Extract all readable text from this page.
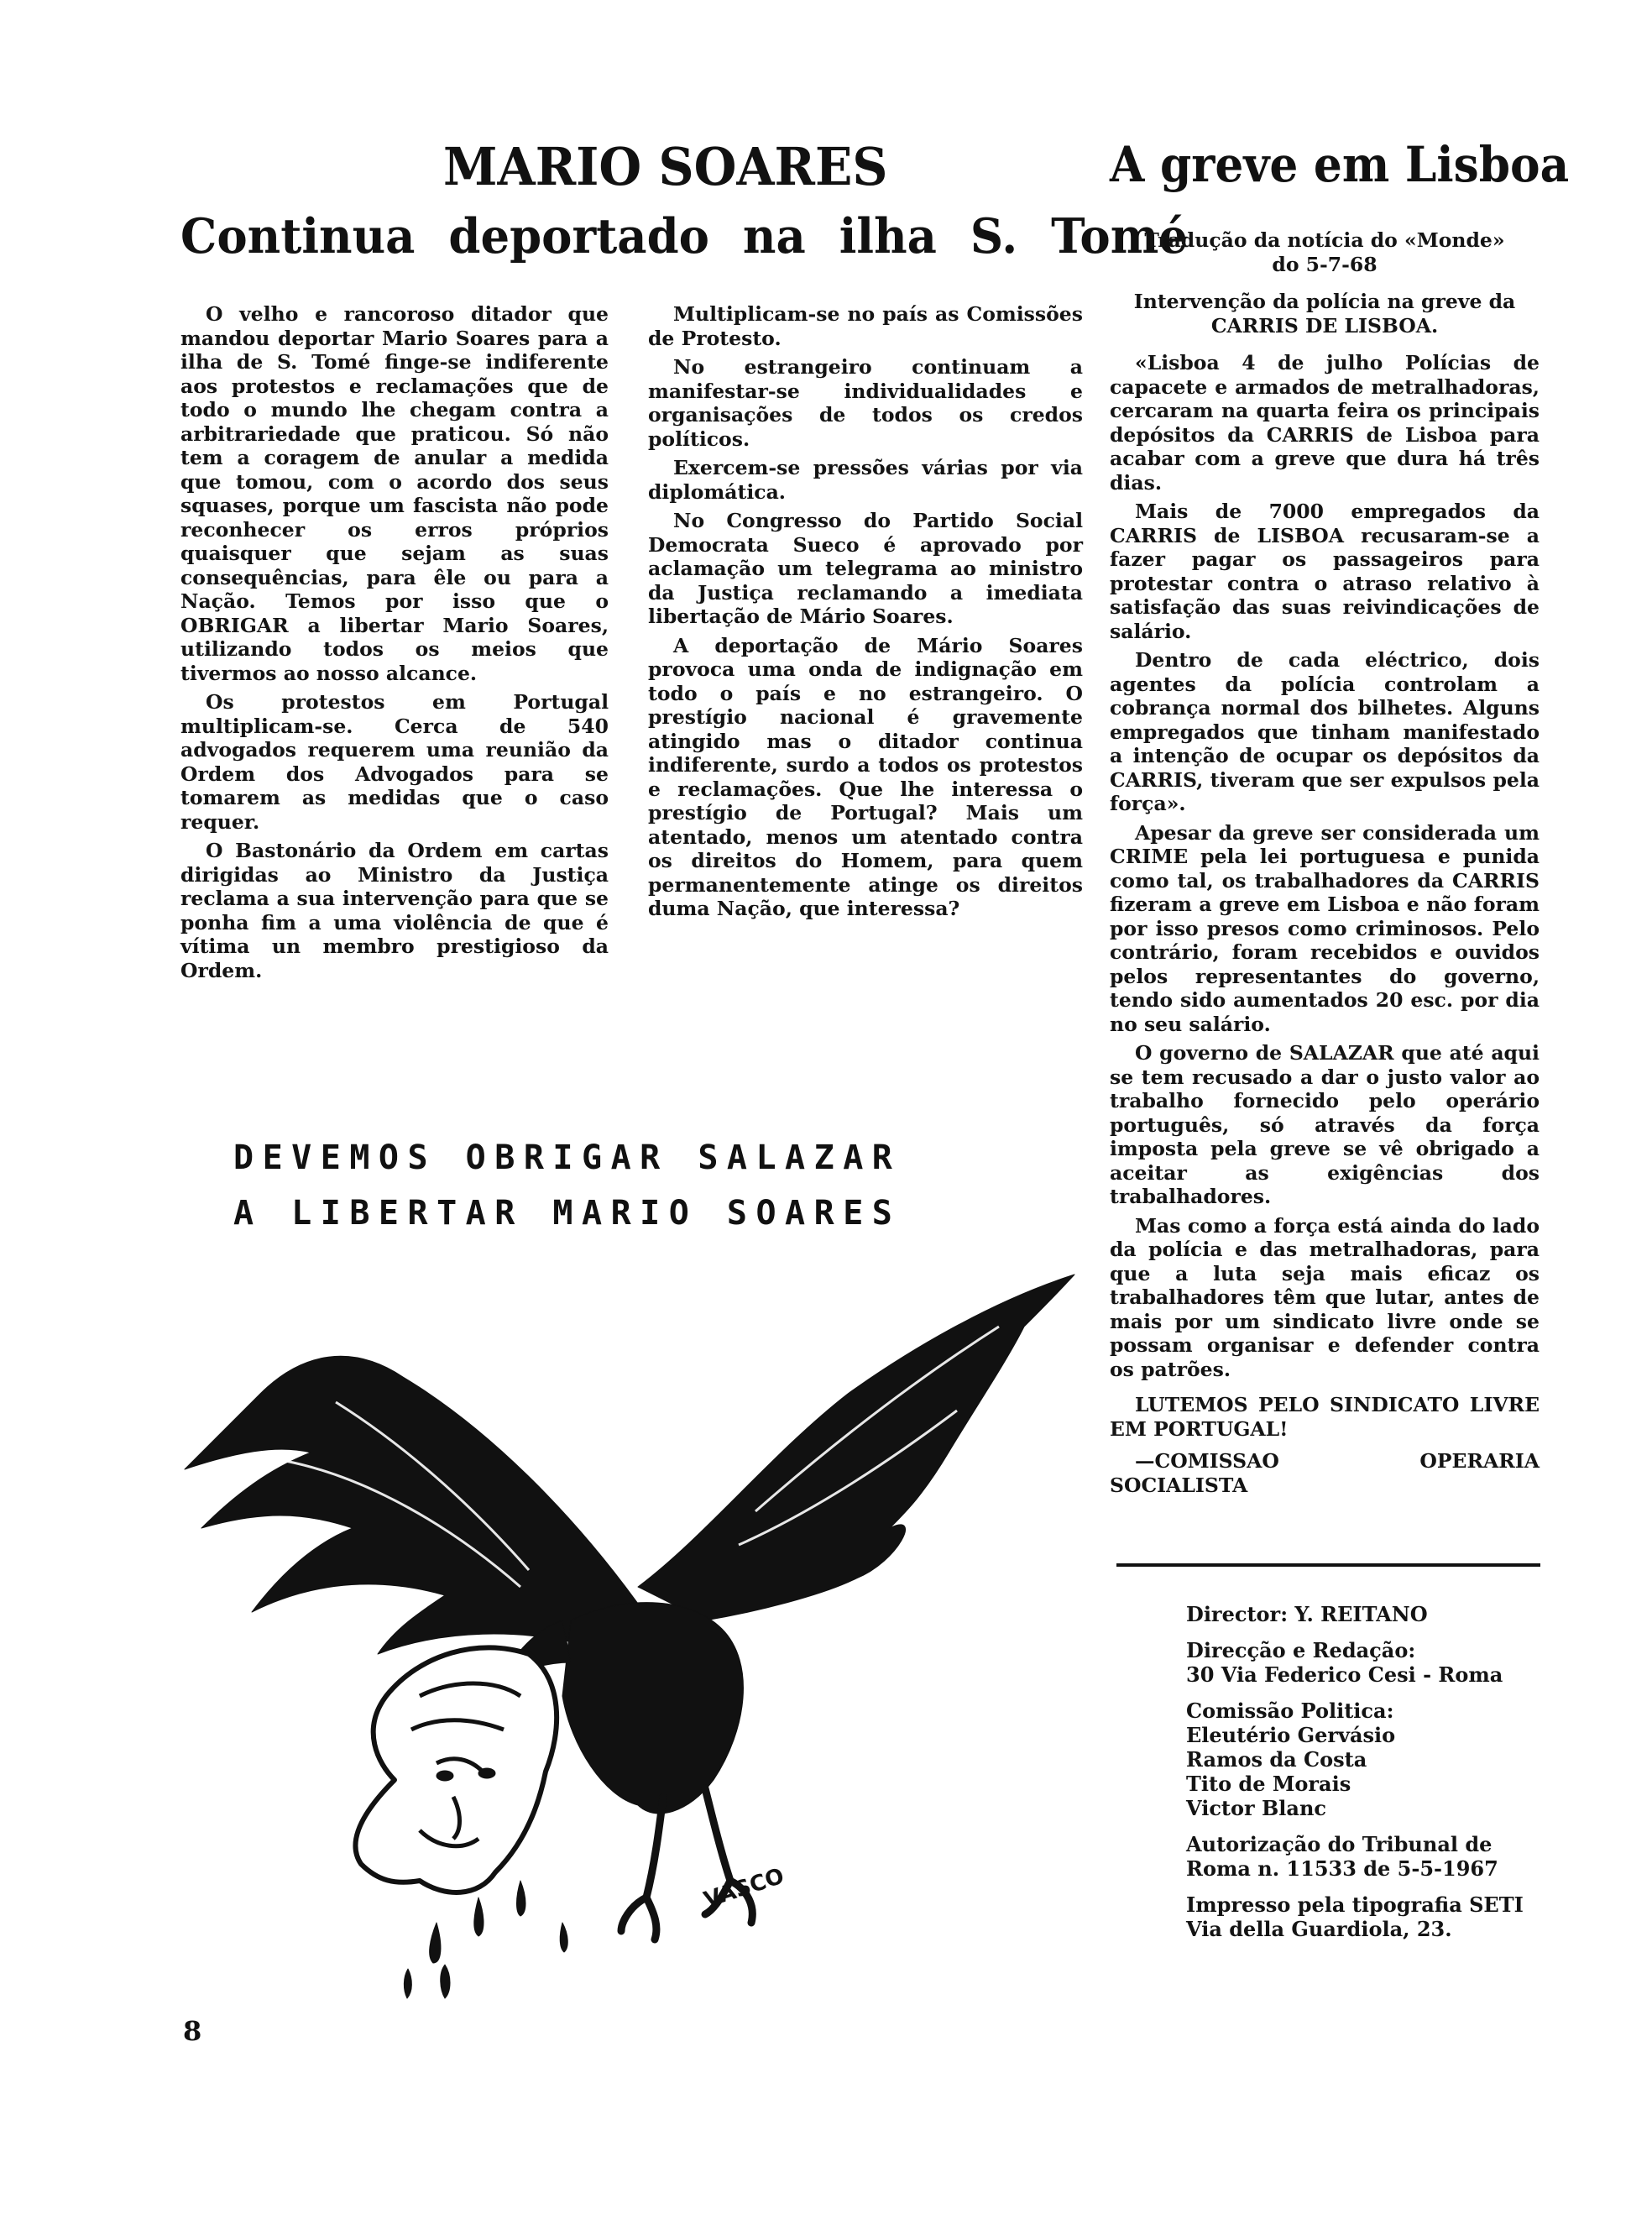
MARIO SOARES
Continua deportado na ilha S. Tomé

O velho e rancoroso ditador que mandou deportar Mario Soares para a ilha de S. Tomé finge-se indiferente aos protestos e reclamações que de todo o mundo lhe chegam contra a arbitrariedade que praticou. Só não tem a coragem de anular a medida que tomou, com o acordo dos seus squases, porque um fascista não pode reconhecer os erros próprios quaisquer que sejam as suas consequências, para êle ou para a Nação. Temos por isso que o OBRIGAR a libertar Mario Soares, utilizando todos os meios que tivermos ao nosso alcance.

Os protestos em Portugal multiplicam-se. Cerca de 540 advogados requerem uma reunião da Ordem dos Advogados para se tomarem as medidas que o caso requer.

O Bastonário da Ordem em cartas dirigidas ao Ministro da Justiça reclama a sua intervenção para que se ponha fim a uma violência de que é vítima un membro prestigioso da Ordem.

Multiplicam-se no país as Comissões de Protesto.

No estrangeiro continuam a manifestar-se individualidades e organisações de todos os credos políticos.

Exercem-se pressões várias por via diplomática.

No Congresso do Partido Social Democrata Sueco é aprovado por aclamação um telegrama ao ministro da Justiça reclamando a imediata libertação de Mário Soares.

A deportação de Mário Soares provoca uma onda de indignação em todo o país e no estrangeiro. O prestígio nacional é gravemente atingido mas o ditador continua indiferente, surdo a todos os protestos e reclamações. Que lhe interessa o prestígio de Portugal? Mais um atentado, menos um atentado contra os direitos do Homem, para quem permanentemente atinge os direitos duma Nação, que interessa?

DEVEMOS OBRIGAR SALAZAR
A LIBERTAR MARIO SOARES
VASCO
A greve em Lisboa
Tradução da notícia do «Monde»
do 5-7-68

Intervenção da polícia na greve da CARRIS DE LISBOA.

«Lisboa 4 de julho Polícias de capacete e armados de metralhadoras, cercaram na quarta feira os principais depósitos da CARRIS de Lisboa para acabar com a greve que dura há três dias.

Mais de 7000 empregados da CARRIS de LISBOA recusaram-se a fazer pagar os passageiros para protestar contra o atraso relativo à satisfação das suas reivindicações de salário.

Dentro de cada eléctrico, dois agentes da polícia controlam a cobrança normal dos bilhetes. Alguns empregados que tinham manifestado a intenção de ocupar os depósitos da CARRIS, tiveram que ser expulsos pela força».

Apesar da greve ser considerada um CRIME pela lei portuguesa e punida como tal, os trabalhadores da CARRIS fizeram a greve em Lisboa e não foram por isso presos como criminosos. Pelo contrário, foram recebidos e ouvidos pelos representantes do governo, tendo sido aumentados 20 esc. por dia no seu salário.

O governo de SALAZAR que até aqui se tem recusado a dar o justo valor ao trabalho fornecido pelo operário português, só através da força imposta pela greve se vê obrigado a aceitar as exigências dos trabalhadores.

Mas como a força está ainda do lado da polícia e das metralhadoras, para que a luta seja mais eficaz os trabalhadores têm que lutar, antes de mais por um sindicato livre onde se possam organisar e defender contra os patrões.

LUTEMOS PELO SINDICATO LIVRE EM PORTUGAL!

—COMISSAO OPERARIA SOCIALISTA

Director: Y. REITANO
Direcção e Redação:
30 Via Federico Cesi - Roma
Comissão Politica:
Eleutério Gervásio
Ramos da Costa
Tito de Morais
Victor Blanc
Autorização do Tribunal de
Roma n. 11533 de 5-5-1967
Impresso pela tipografia SETI
Via della Guardiola, 23.
8
